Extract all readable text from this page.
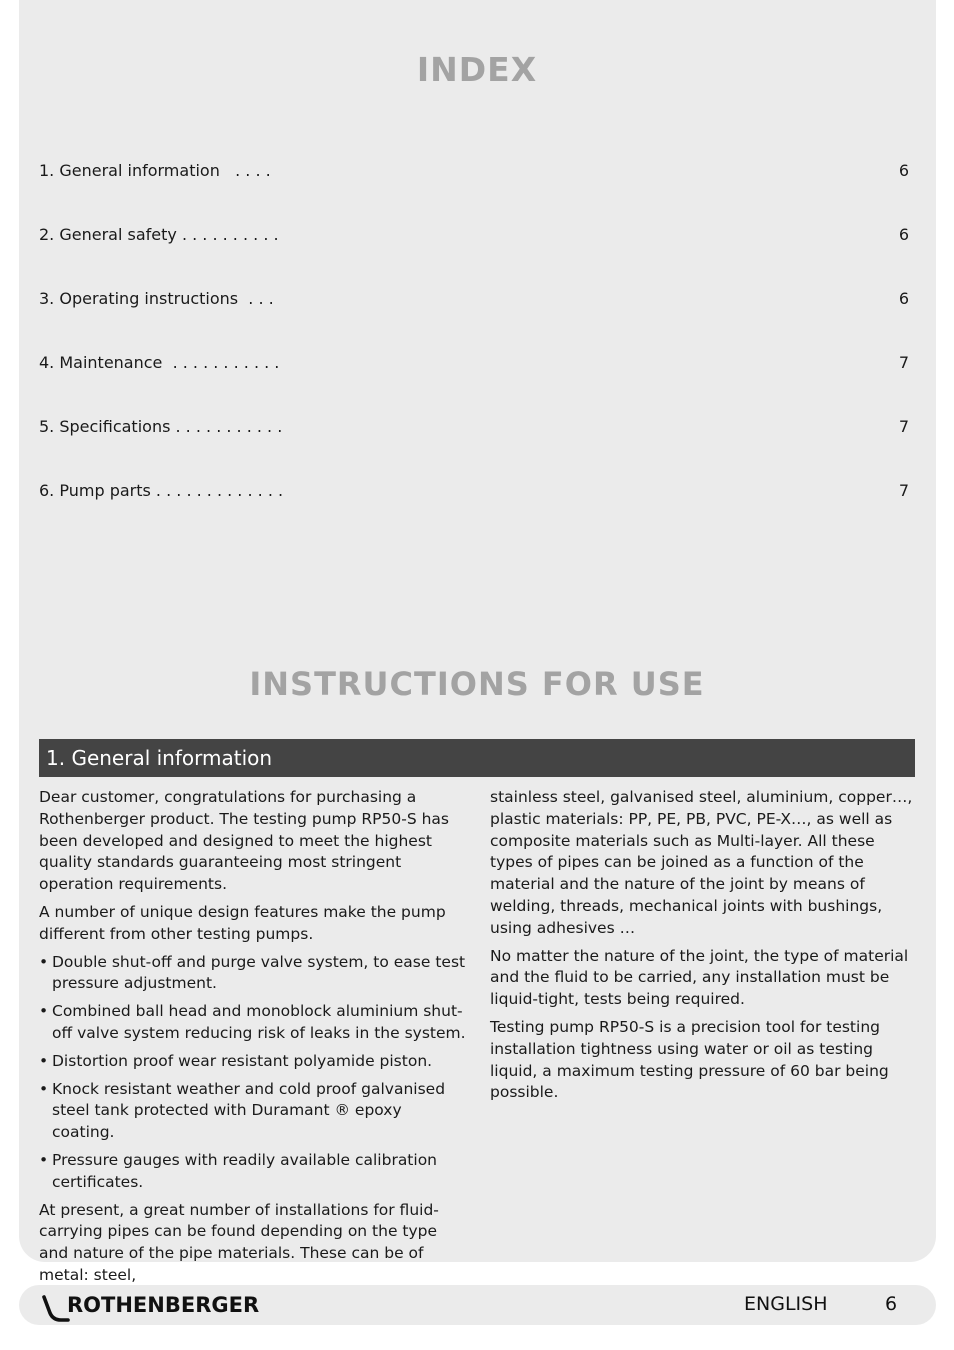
INDEX
1. General information   . . . .	6
2. General safety . . . . . . . . . .	6
3. Operating instructions  . . .	6
4. Maintenance  . . . . . . . . . . .	7
5. Specifications . . . . . . . . . . .	7
6. Pump parts . . . . . . . . . . . . .	7
INSTRUCTIONS FOR USE
1. General information

Dear customer, congratulations for purchasing a Rothenberger product. The testing pump RP50-S has been developed and designed to meet the highest quality standards guaranteeing most stringent operation requirements.

A number of unique design features make the pump different from other testing pumps.

• Double shut-off and purge valve system, to ease test pressure adjustment.
• Combined ball head and monoblock aluminium shut-off valve system reducing risk of leaks in the system.
• Distortion proof wear resistant polyamide piston.
• Knock resistant weather and cold proof galvanised steel tank protected with Duramant ® epoxy coating.
• Pressure gauges with readily available calibration certificates.

At present, a great number of installations for fluid-carrying pipes can be found depending on the type and nature of the pipe materials. These can be of metal: steel,

stainless steel, galvanised steel, aluminium, copper…, plastic materials: PP, PE, PB, PVC, PE-X…, as well as composite materials such as Multi-layer. All these types of pipes can be joined as a function of the material and the nature of the joint by means of welding, threads, mechanical joints with bushings, using adhesives …

No matter the nature of the joint, the type of material and the fluid to be carried, any installation must be liquid-tight, tests being required.

Testing pump RP50-S is a precision tool for testing installation tightness using water or oil as testing liquid, a maximum testing pressure of 60 bar being possible.

ROTHENBERGER	ENGLISH	6
